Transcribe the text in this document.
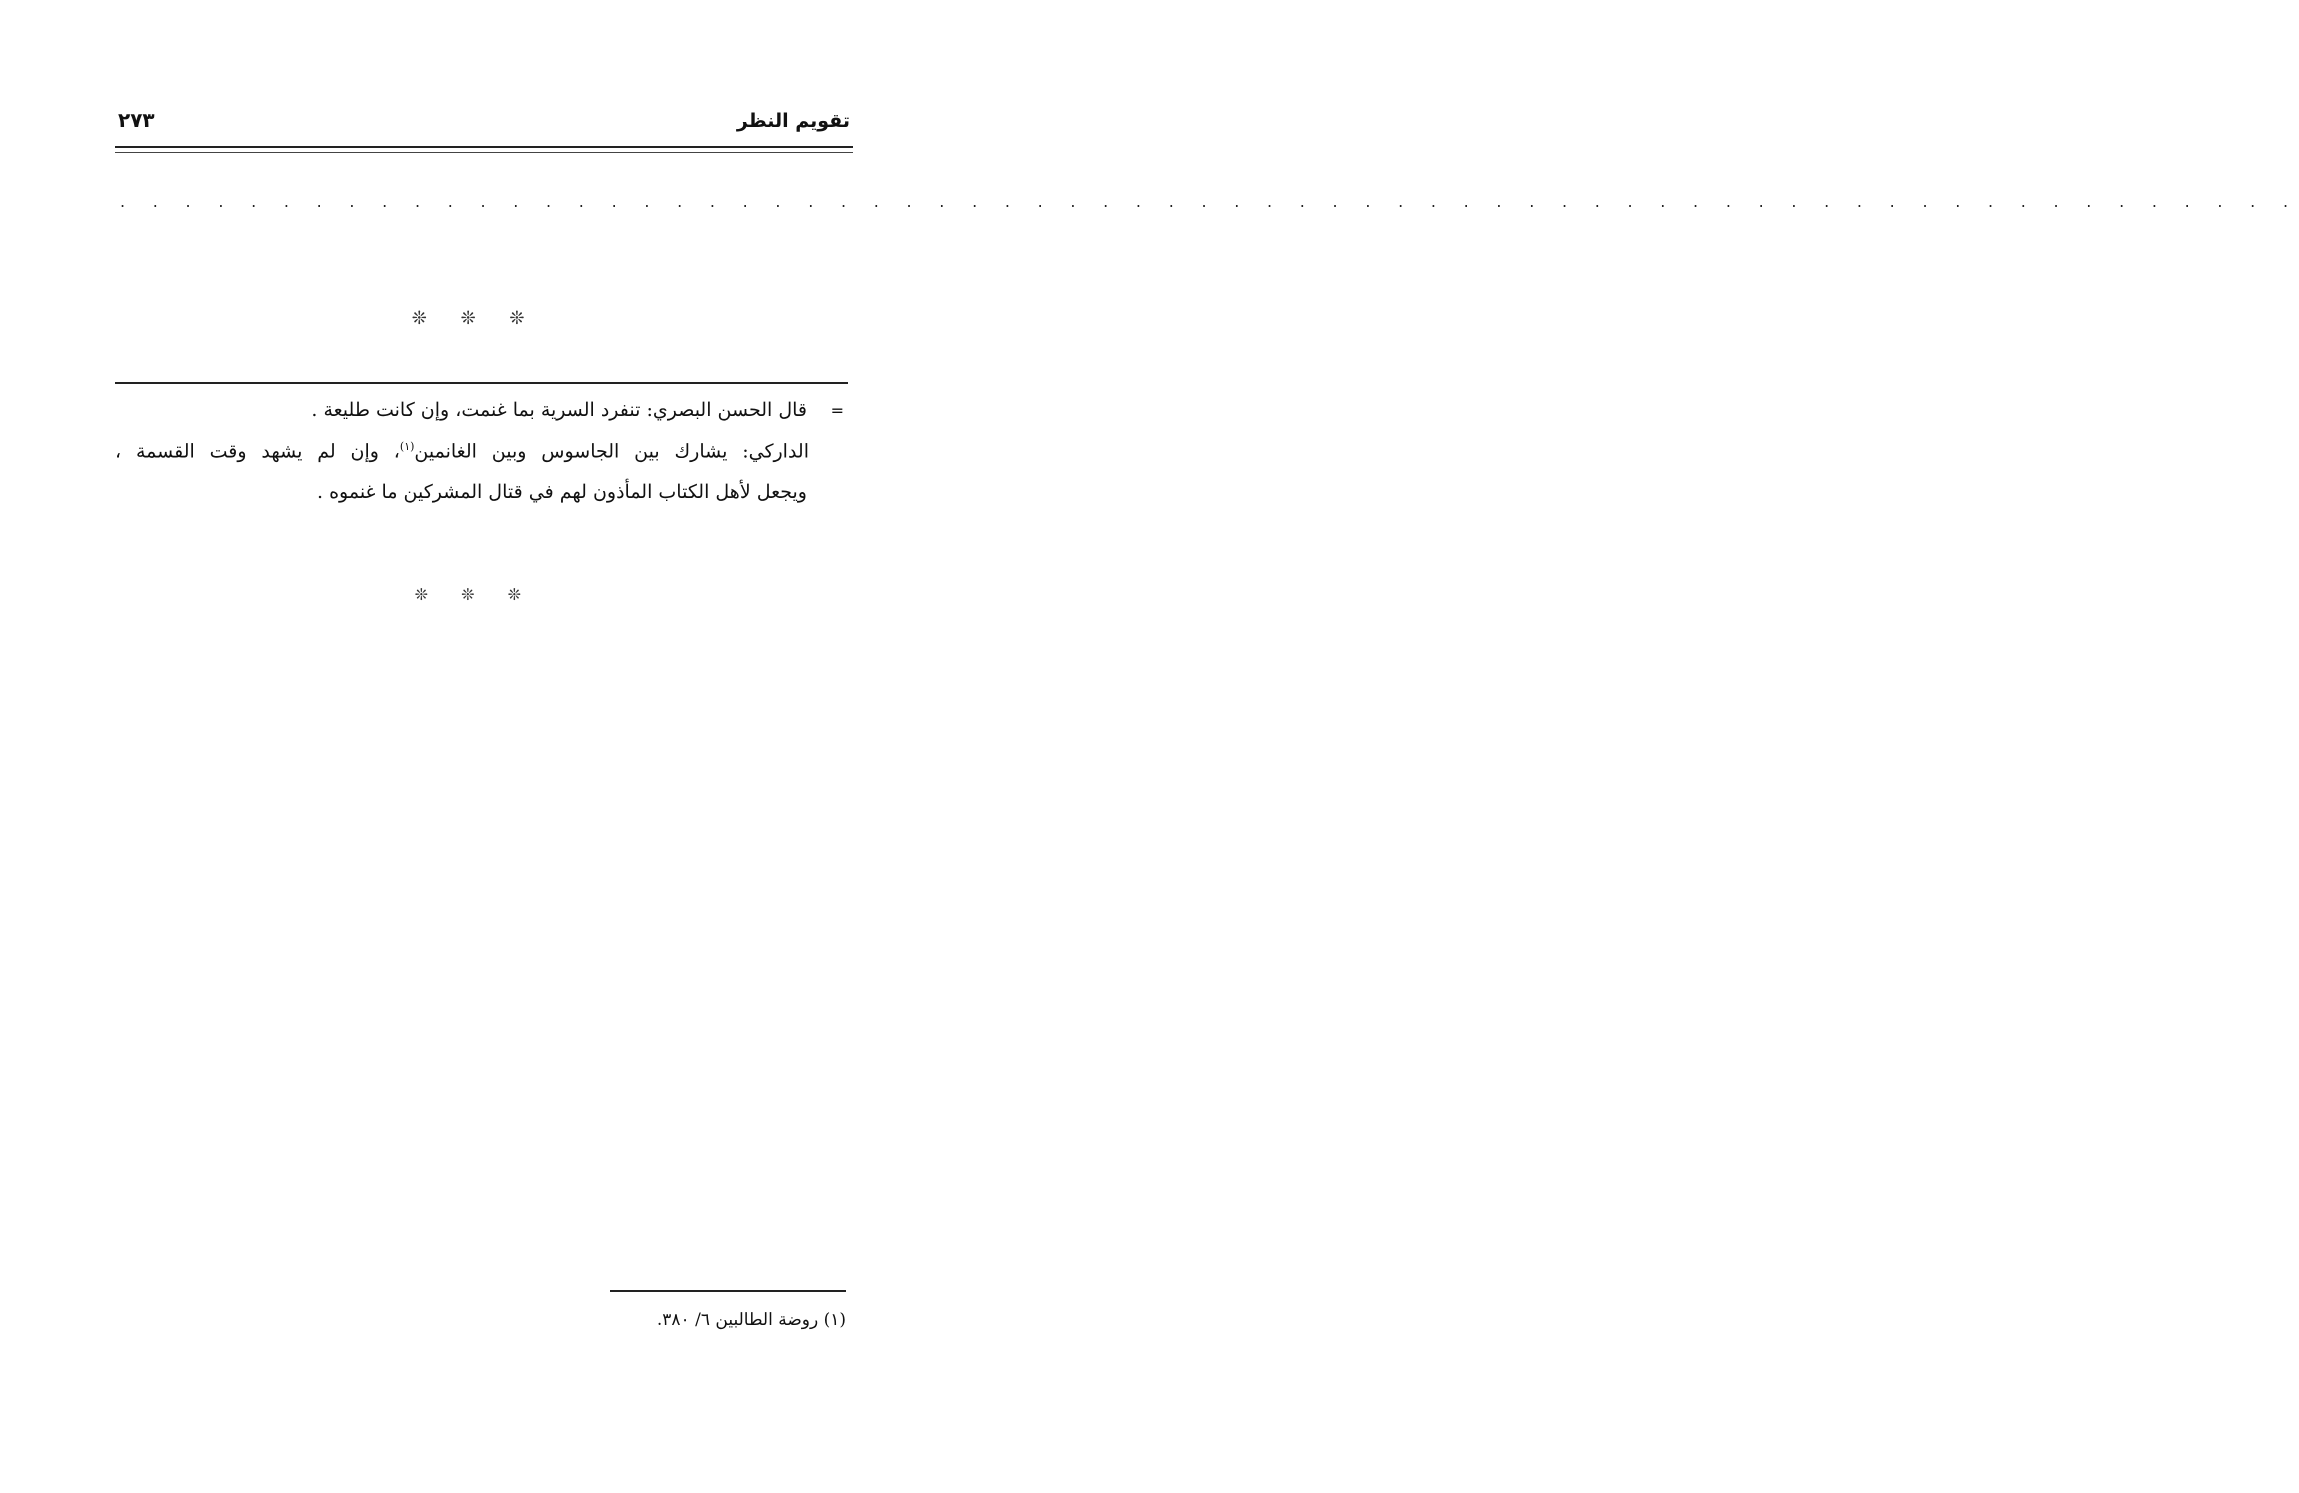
تقويم النظر
٢٧٣
. . . . . . . . . . . . . . . . . . . . . . . . . . . . . . . . . . . . . . . . . . . . . . . . . . . . . . . . . . . . . . . . . . .
❊ ❊ ❊
=
قال الحسن البصري: تنفرد السرية بما غنمت، وإن كانت طليعة .
الداركي: يشارك بين الجاسوس وبين الغانمين$^{(١)}$، وإن لم يشهد وقت القسمة ،
ويجعل لأهل الكتاب المأذون لهم في قتال المشركين ما غنموه .
❊ ❊ ❊
(١) روضة الطالبين ٦/ ٣٨٠.
